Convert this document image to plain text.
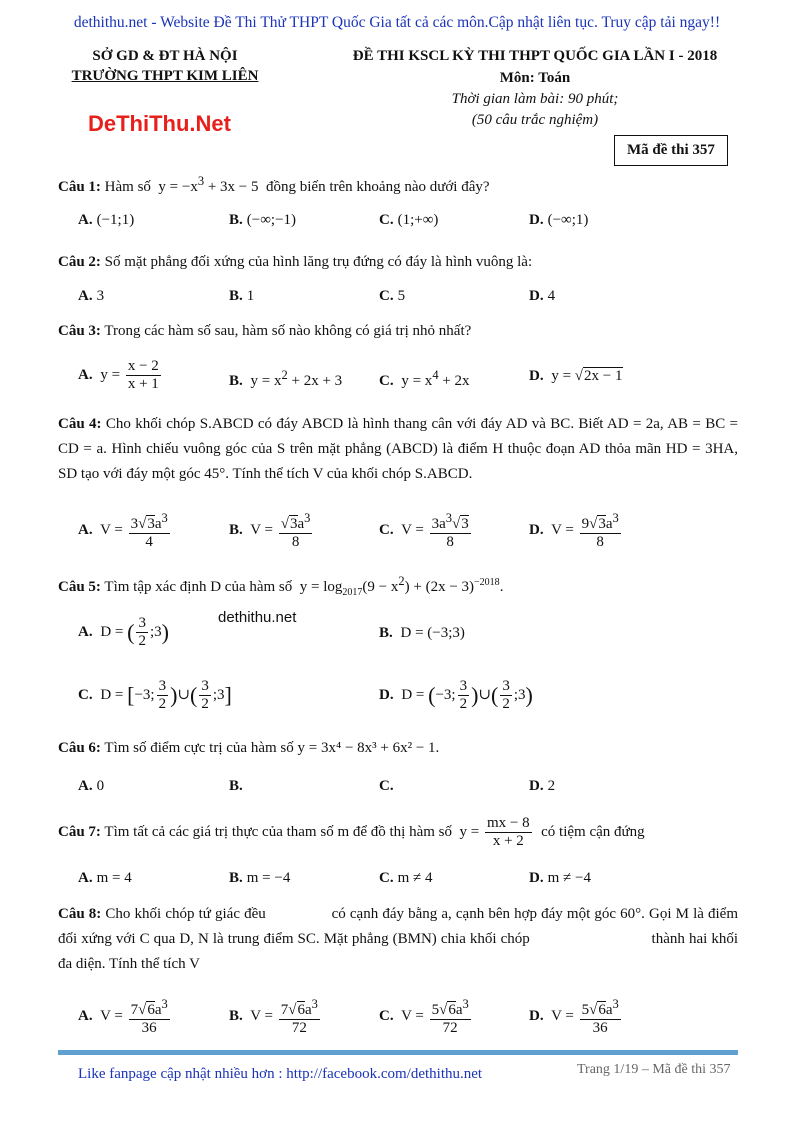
dethithu.net - Website Đề Thi Thử THPT Quốc Gia tất cả các môn.Cập nhật liên tục. Truy cập tải ngay!!
SỞ GD & ĐT HÀ NỘI
TRƯỜNG THPT KIM LIÊN
DeThiThu.Net
ĐỀ THI KSCL KỲ THI THPT QUỐC GIA LẦN I - 2018
Môn: Toán
Thời gian làm bài: 90 phút;
(50 câu trắc nghiệm)
Mã đề thi 357
Câu 1: Hàm số  $y = -x^3 + 3x - 5$  đồng biến trên khoảng nào dưới đây?
A. (−1;1)	B. (−∞;−1)	C. (1;+∞)	D. (−∞;1)
Câu 2: Số mặt phẳng đối xứng của hình lăng trụ đứng có đáy là hình vuông là:
A. 3	B. 1	C. 5	D. 4
Câu 3: Trong các hàm số sau, hàm số nào không có giá trị nhỏ nhất?
A. $y = \frac{x - 2}{x + 1}$	B. $y = x^2 + 2x + 3$ C. $y = x^4 + 2x$	D. y = √2x − 1
Câu 4: Cho khối chóp S.ABCD có đáy ABCD là hình thang cân với đáy AD và BC. Biết AD = 2a, AB = BC = CD = a. Hình chiếu vuông góc của S trên mặt phẳng (ABCD) là điểm H thuộc đoạn AD thỏa mãn HD = 3HA, SD tạo với đáy một góc 45°. Tính thể tích V của khối chóp S.ABCD.
A. $V = \frac{3√3a^3}{4}$	B. $V = \frac{√3a^3}{8}$	C. $V = \frac{3a^3√3}{8}$	D. $V = \frac{9√3a^3}{8}$
Câu 5: Tìm tập xác định D của hàm số  $y = \log_{2017}(9 - x^2) + (2x - 3)^{-2018}$.
dethithu.net
A. D = ( $\frac{3}{2}$ ;3)	B. D = (−3;3)
C. D = [−3; $\frac{3}{2}$ )∪( $\frac{3}{2}$ ;3]	D. D = (−3; $\frac{3}{2}$ )∪( $\frac{3}{2}$ ;3)
Câu 6: Tìm số điểm cực trị của hàm số y = 3x⁴ − 8x³ + 6x² − 1.
A. 0	B.	C.	D. 2
Câu 7: Tìm tất cả các giá trị thực của tham số m để đồ thị hàm số  $y = \frac{mx - 8}{x + 2}$ có tiệm cận đứng
A. m = 4	B. m = −4	C. m ≠ 4	D. m ≠ −4
Câu 8: Cho khối chóp tứ giác đều                có cạnh đáy bằng a, cạnh bên hợp đáy một góc 60°. Gọi M là điểm đối xứng với C qua D, N là trung điểm SC. Mặt phẳng (BMN) chia khối chóp                              thành hai khối đa diện. Tính thể tích V
A. $V = \frac{7√6a^3}{36}$	B. $V = \frac{7√6a^3}{72}$	C. $V = \frac{5√6a^3}{72}$	D. $V = \frac{5√6a^3}{36}$
Like fanpage cập nhật nhiều hơn : http://facebook.com/dethithu.net	Trang 1/19 – Mã đề thi 357
